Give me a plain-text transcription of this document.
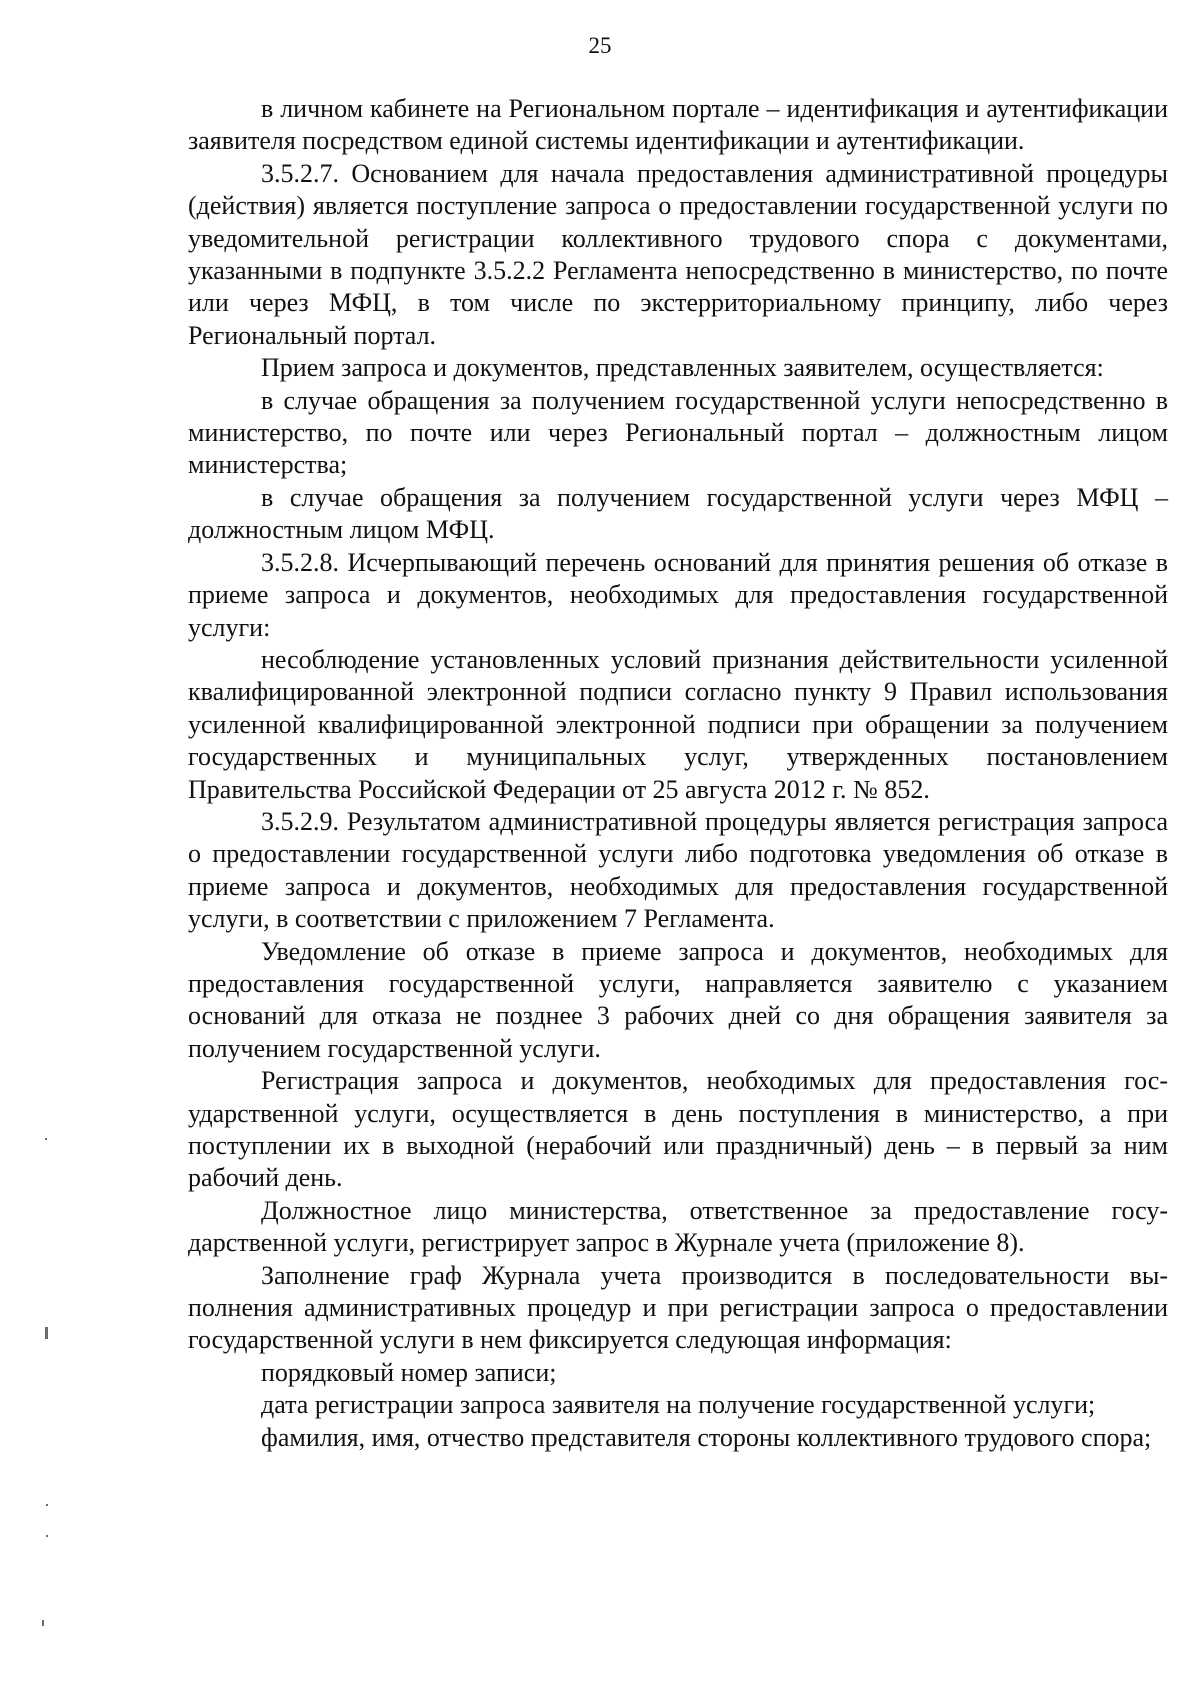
25

в личном кабинете на Региональном портале – идентификация и аутентификации заявителя посредством единой системы идентификации и аутентификации.

3.5.2.7. Основанием для начала предоставления административной процедуры (действия) является поступление запроса о предоставлении государственной услуги по уведомительной регистрации коллективного трудового спора с документами, указанными в подпункте 3.5.2.2 Регламента непосредственно в министерство, по почте или через МФЦ, в том числе по экстерриториальному принципу, либо через Региональный портал.

Прием запроса и документов, представленных заявителем, осуществляется:

в случае обращения за получением государственной услуги непосредственно в министерство, по почте или через Региональный портал – должностным лицом министерства;

в случае обращения за получением государственной услуги через МФЦ – должностным лицом МФЦ.

3.5.2.8. Исчерпывающий перечень оснований для принятия решения об отказе в приеме запроса и документов, необходимых для предоставления государственной услуги:

несоблюдение установленных условий признания действительности усиленной квалифицированной электронной подписи согласно пункту 9 Правил использования усиленной квалифицированной электронной подписи при обращении за получением государственных и муниципальных услуг, утвержденных постановлением Правительства Российской Федерации от 25 августа 2012 г. № 852.

3.5.2.9. Результатом административной процедуры является регистрация запроса о предоставлении государственной услуги либо подготовка уведомления об отказе в приеме запроса и документов, необходимых для предоставления государственной услуги, в соответствии с приложением 7 Регламента.

Уведомление об отказе в приеме запроса и документов, необходимых для предоставления государственной услуги, направляется заявителю с указанием оснований для отказа не позднее 3 рабочих дней со дня обращения заявителя за получением государственной услуги.

Регистрация запроса и документов, необходимых для предоставления государственной услуги, осуществляется в день поступления в министерство, а при поступлении их в выходной (нерабочий или праздничный) день – в первый за ним рабочий день.

Должностное лицо министерства, ответственное за предоставление государственной услуги, регистрирует запрос в Журнале учета (приложение 8).

Заполнение граф Журнала учета производится в последовательности выполнения административных процедур и при регистрации запроса о предоставлении государственной услуги в нем фиксируется следующая информация:

порядковый номер записи;

дата регистрации запроса заявителя на получение государственной услуги;

фамилия, имя, отчество представителя стороны коллективного трудового спора;
